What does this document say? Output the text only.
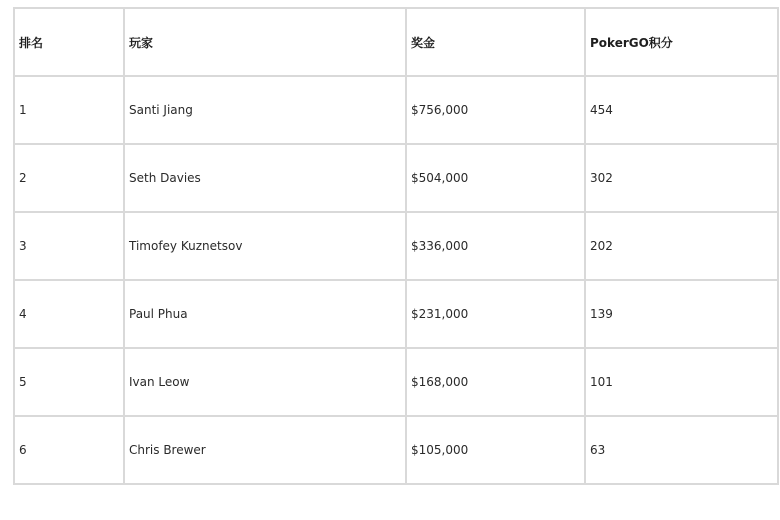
排名	玩家	奖金	PokerGO积分
1	Santi Jiang	$756,000	454
2	Seth Davies	$504,000	302
3	Timofey Kuznetsov	$336,000	202
4	Paul Phua	$231,000	139
5	Ivan Leow	$168,000	101
6	Chris Brewer	$105,000	63
